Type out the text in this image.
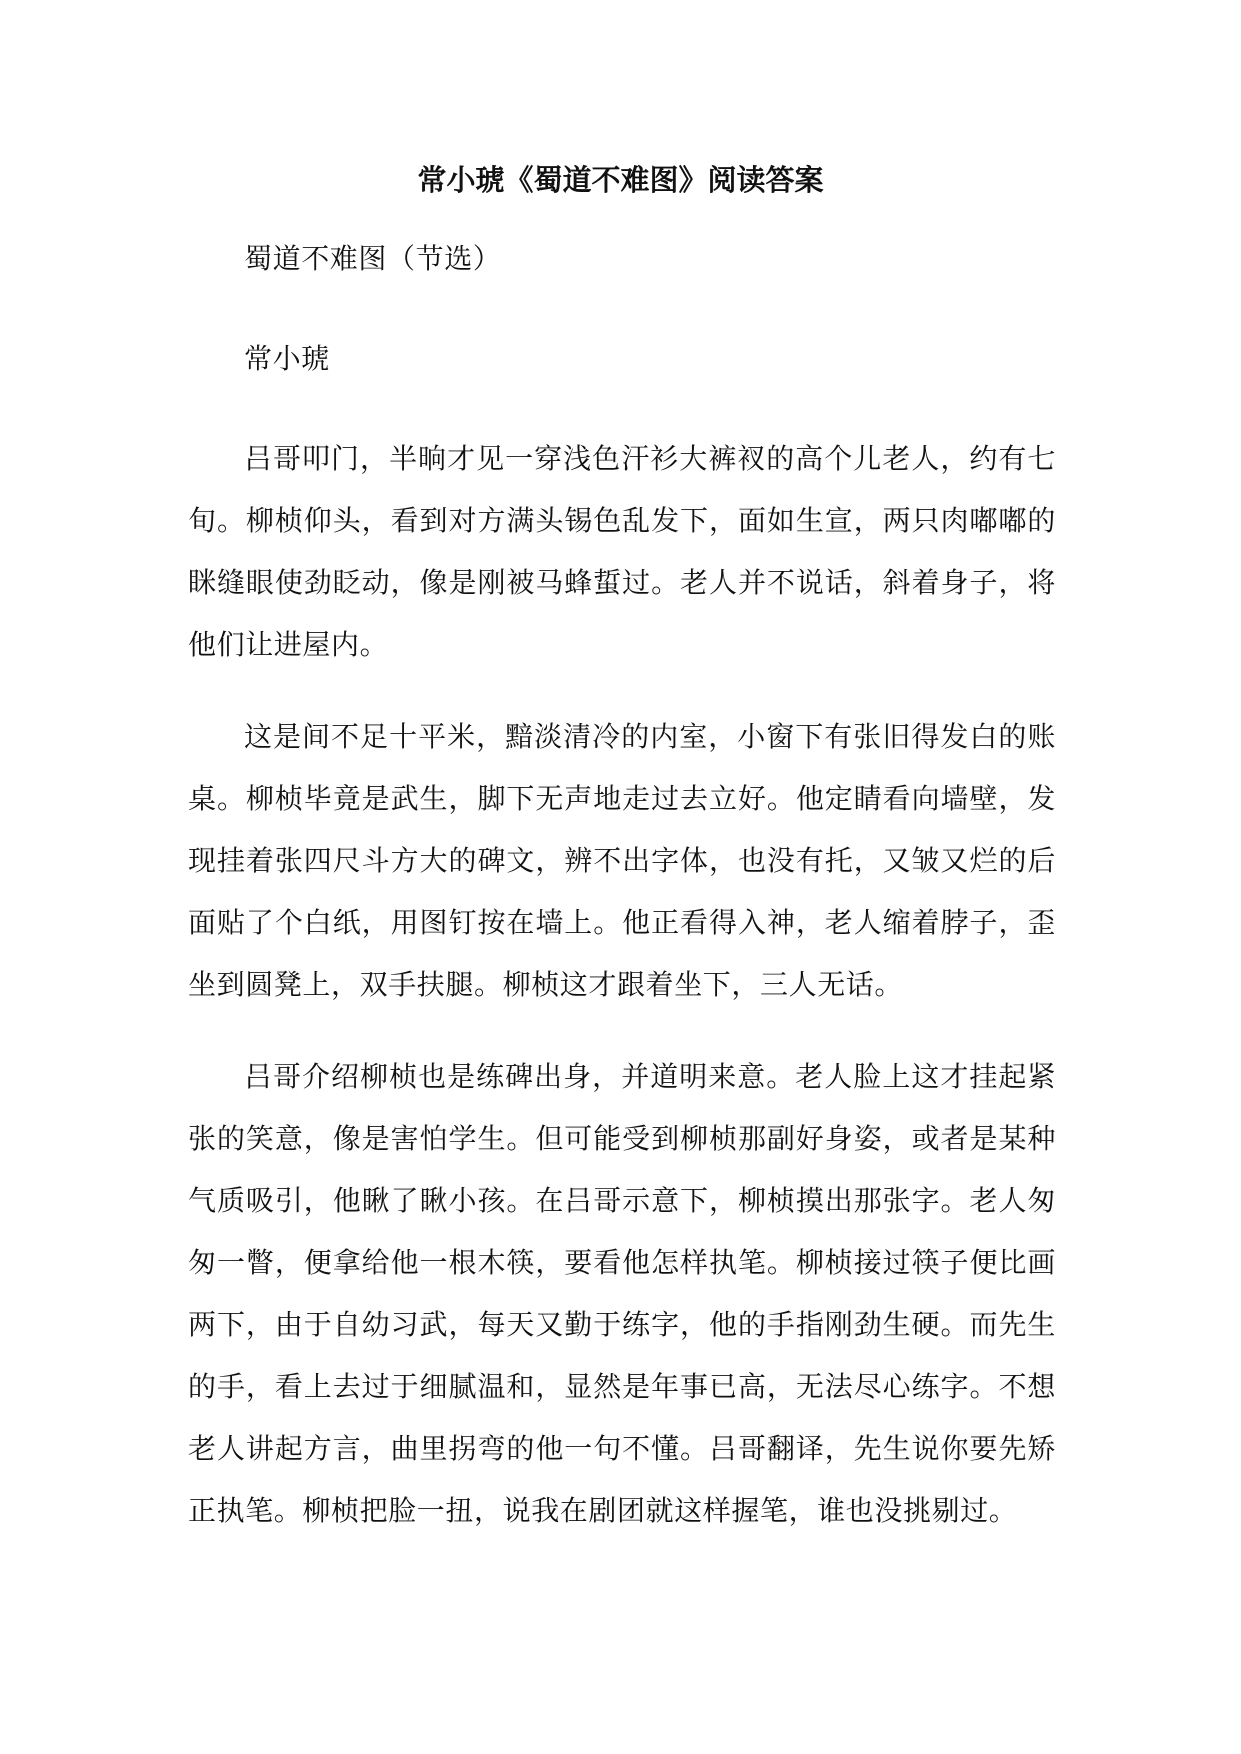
常小琥《蜀道不难图》阅读答案

蜀道不难图（节选）

常小琥

吕哥叩门，半晌才见一穿浅色汗衫大裤衩的高个儿老人，约有七旬。柳桢仰头，看到对方满头锡色乱发下，面如生宣，两只肉嘟嘟的眯缝眼使劲眨动，像是刚被马蜂蜇过。老人并不说话，斜着身子，将他们让进屋内。

这是间不足十平米，黯淡清冷的内室，小窗下有张旧得发白的账桌。柳桢毕竟是武生，脚下无声地走过去立好。他定睛看向墙壁，发现挂着张四尺斗方大的碑文，辨不出字体，也没有托，又皱又烂的后面贴了个白纸，用图钉按在墙上。他正看得入神，老人缩着脖子，歪坐到圆凳上，双手扶腿。柳桢这才跟着坐下，三人无话。

吕哥介绍柳桢也是练碑出身，并道明来意。老人脸上这才挂起紧张的笑意，像是害怕学生。但可能受到柳桢那副好身姿，或者是某种气质吸引，他瞅了瞅小孩。在吕哥示意下，柳桢摸出那张字。老人匆匆一瞥，便拿给他一根木筷，要看他怎样执笔。柳桢接过筷子便比画两下，由于自幼习武，每天又勤于练字，他的手指刚劲生硬。而先生的手，看上去过于细腻温和，显然是年事已高，无法尽心练字。不想老人讲起方言，曲里拐弯的他一句不懂。吕哥翻译，先生说你要先矫正执笔。柳桢把脸一扭，说我在剧团就这样握笔，谁也没挑剔过。
